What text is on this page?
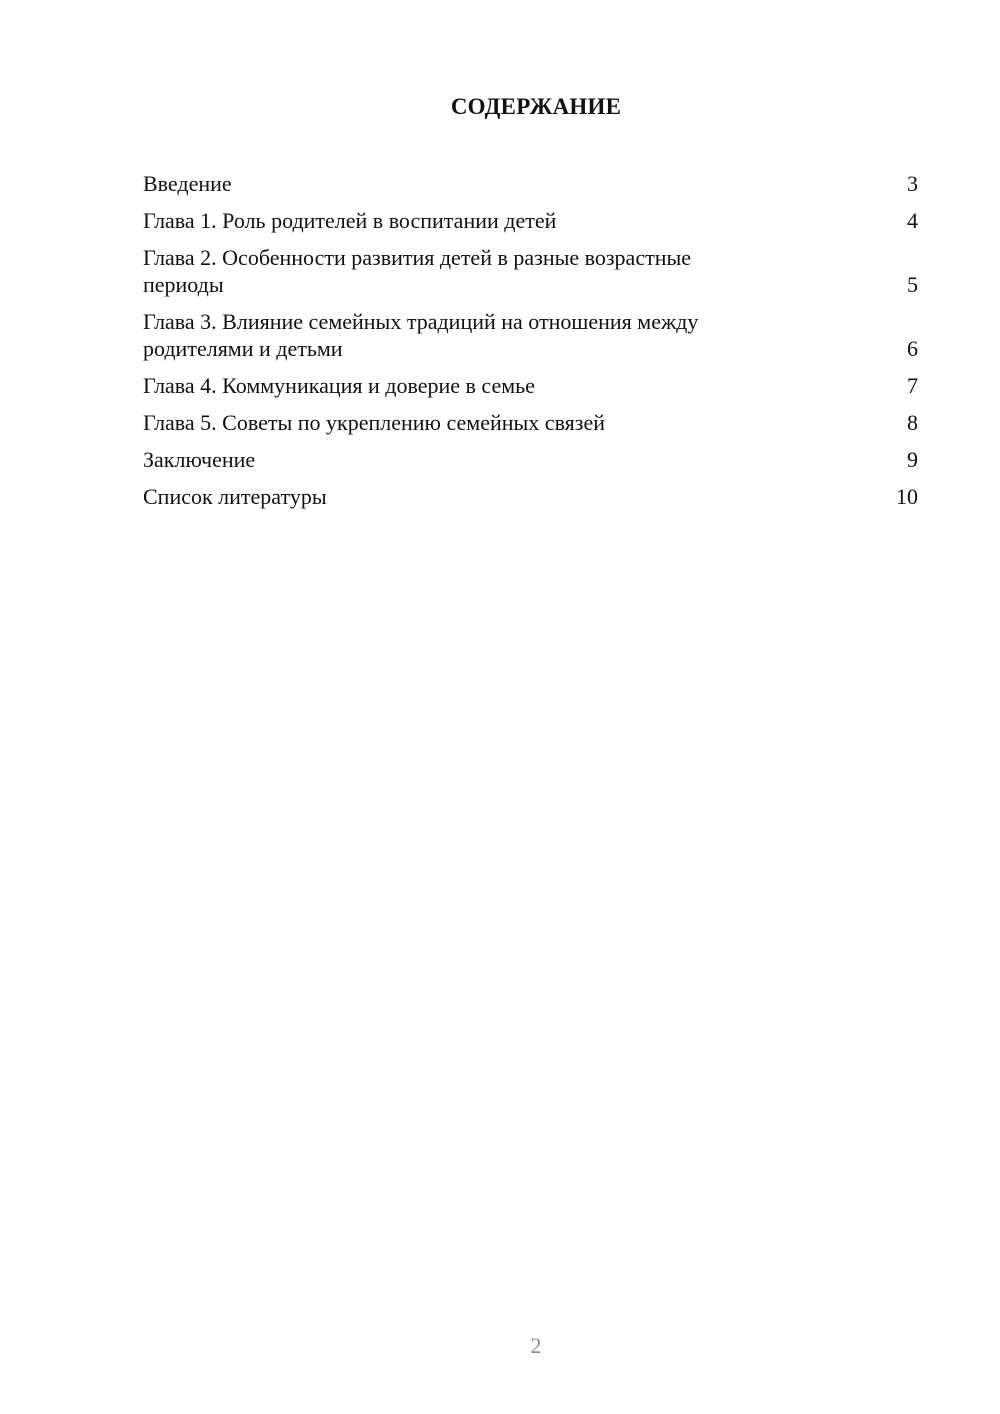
СОДЕРЖАНИЕ
Введение	3
Глава 1. Роль родителей в воспитании детей	4
Глава 2. Особенности развития детей в разные возрастные
периоды	5
Глава 3. Влияние семейных традиций на отношения между
родителями и детьми	6
Глава 4. Коммуникация и доверие в семье	7
Глава 5. Советы по укреплению семейных связей	8
Заключение	9
Список литературы	10
2
